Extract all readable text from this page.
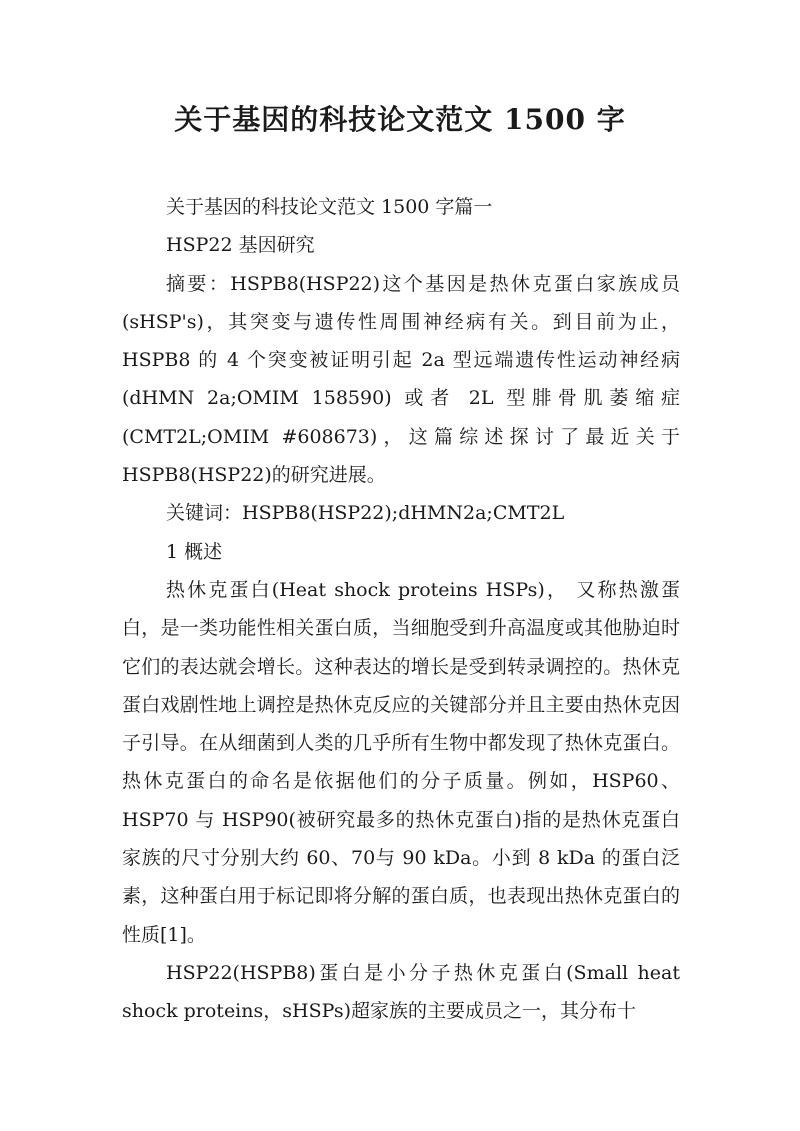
关于基因的科技论文范文 1500 字

关于基因的科技论文范文 1500 字篇一

HSP22 基因研究

摘要：HSPB8(HSP22)这个基因是热休克蛋白家族成员(sHSP's)，其突变与遗传性周围神经病有关。到目前为止，HSPB8 的 4 个突变被证明引起 2a 型远端遗传性运动神经病(dHMN 2a;OMIM 158590) 或者 2L 型腓骨肌萎缩症(CMT2L;OMIM #608673)，这篇综述探讨了最近关于HSPB8(HSP22)的研究进展。

关键词：HSPB8(HSP22);dHMN2a;CMT2L

1 概述

热休克蛋白(Heat shock proteins HSPs)， 又称热激蛋白，是一类功能性相关蛋白质，当细胞受到升高温度或其他胁迫时它们的表达就会增长。这种表达的增长是受到转录调控的。热休克蛋白戏剧性地上调控是热休克反应的关键部分并且主要由热休克因子引导。在从细菌到人类的几乎所有生物中都发现了热休克蛋白。热休克蛋白的命名是依据他们的分子质量。例如，HSP60、HSP70 与 HSP90(被研究最多的热休克蛋白)指的是热休克蛋白家族的尺寸分别大约 60、70与 90 kDa。小到 8 kDa 的蛋白泛素，这种蛋白用于标记即将分解的蛋白质，也表现出热休克蛋白的性质[1]。

HSP22(HSPB8)蛋白是小分子热休克蛋白(Small heat shock proteins，sHSPs)超家族的主要成员之一，其分布十
